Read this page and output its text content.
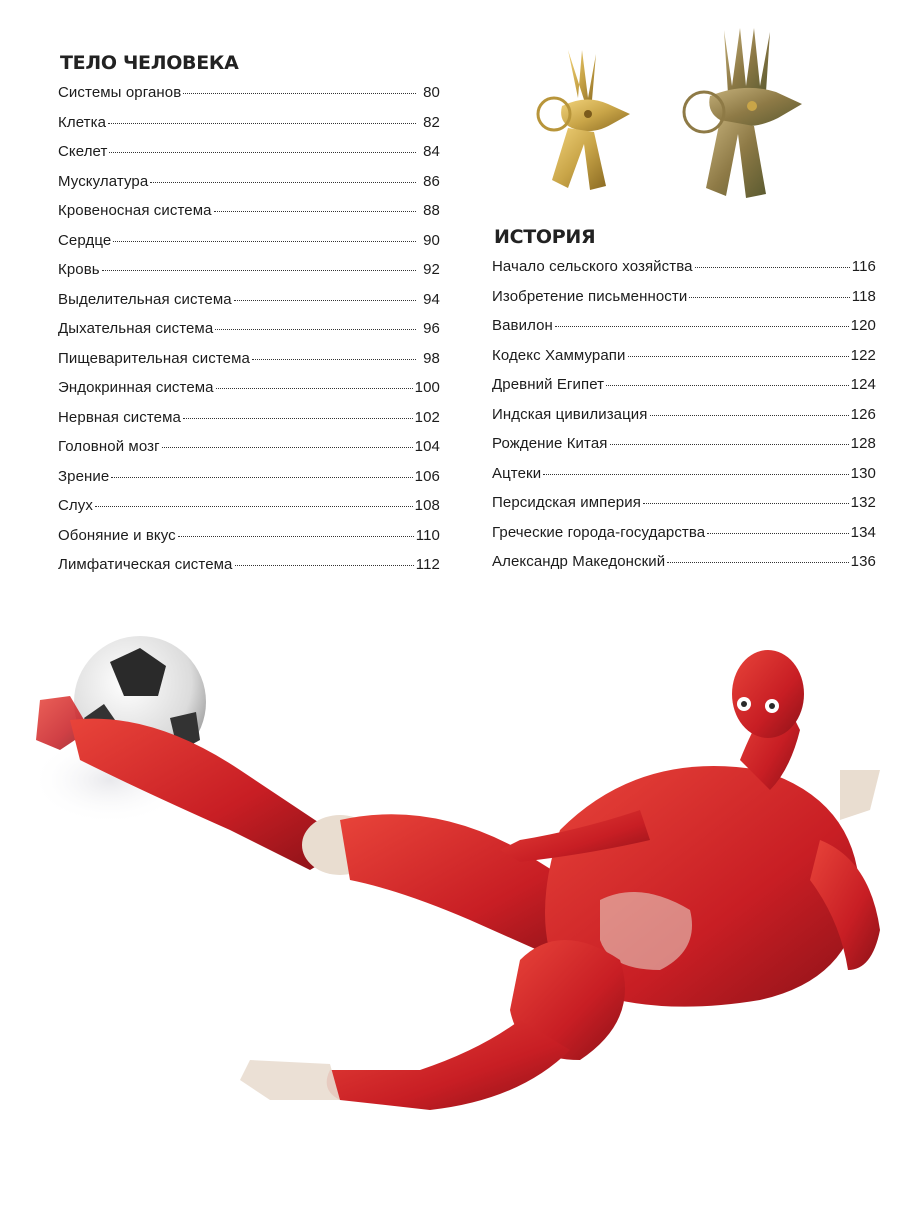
ТЕЛО ЧЕЛОВЕКА
Системы органов	80
Клетка	82
Скелет	84
Мускулатура	86
Кровеносная система	88
Сердце	90
Кровь	92
Выделительная система	94
Дыхательная система	96
Пищеварительная система	98
Эндокринная система	100
Нервная система	102
Головной мозг	104
Зрение	106
Слух	108
Обоняние и вкус	110
Лимфатическая система	112
ИСТОРИЯ
Начало сельского хозяйства	116
Изобретение письменности	118
Вавилон	120
Кодекс Хаммурапи	122
Древний Египет	124
Индская цивилизация	126
Рождение Китая	128
Ацтеки	130
Персидская империя	132
Греческие города-государства	134
Александр Македонский	136
